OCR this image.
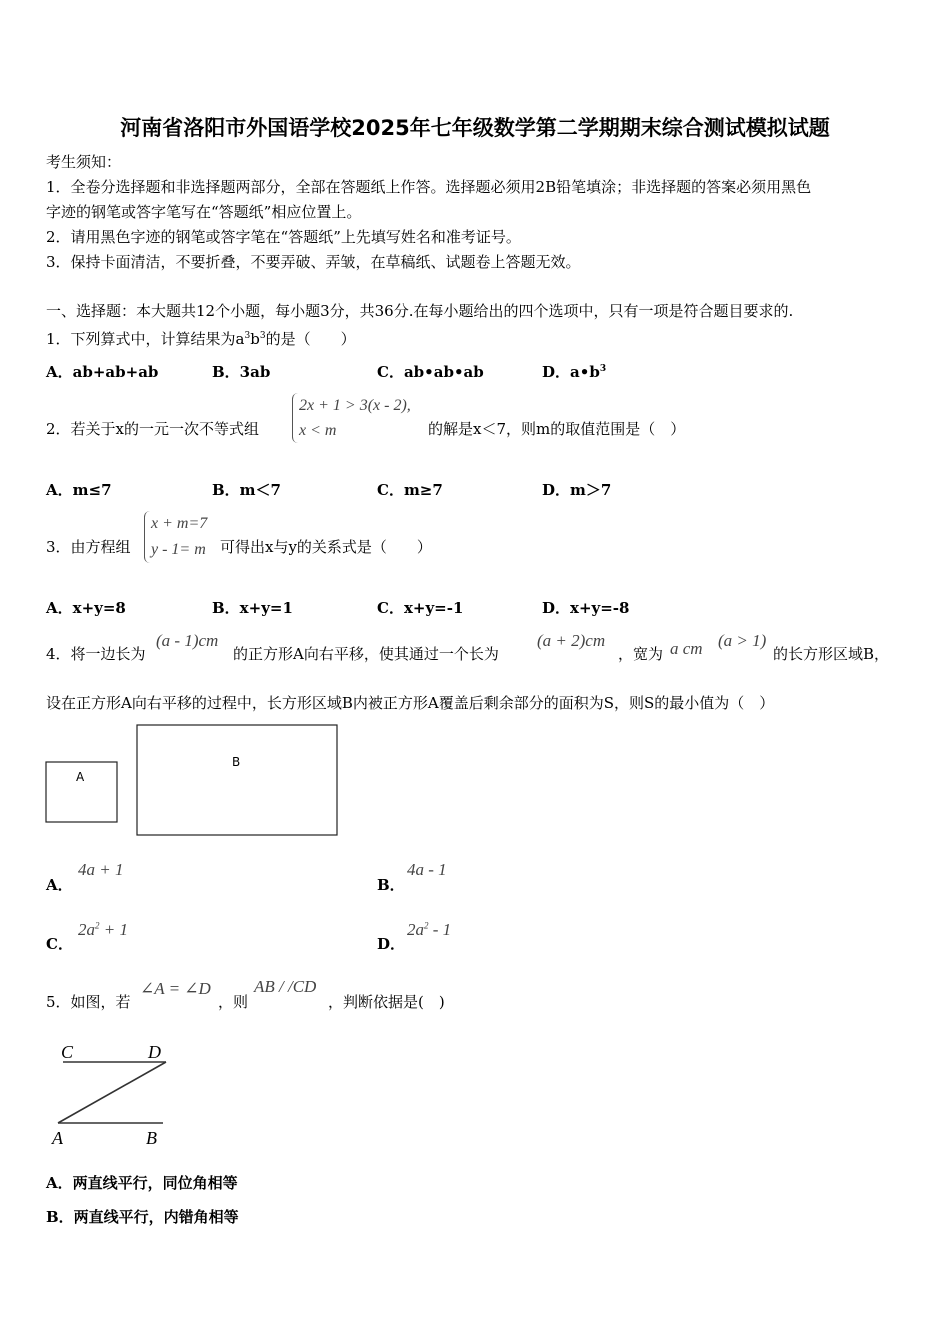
河南省洛阳市外国语学校2025年七年级数学第二学期期末综合测试模拟试题
考生须知：
1．全卷分选择题和非选择题两部分，全部在答题纸上作答。选择题必须用2B铅笔填涂；非选择题的答案必须用黑色
字迹的钢笔或答字笔写在“答题纸”相应位置上。
2．请用黑色字迹的钢笔或答字笔在“答题纸”上先填写姓名和准考证号。
3．保持卡面清洁，不要折叠，不要弄破、弄皱，在草稿纸、试题卷上答题无效。
一、选择题：本大题共12个小题，每小题3分，共36分.在每小题给出的四个选项中，只有一项是符合题目要求的.
1．下列算式中，计算结果为$a^3b^3$的是（　　）
A．ab+ab+ab	B．3ab	C．ab•ab•ab	D．$a•b^3$
2．若关于x的一元一次不等式组
2x + 1 > 3(x - 2),
x < m	的解是x＜7，则m的取值范围是（　）
A．m≤7	B．m＜7	C．m≥7	D．m＞7
3．由方程组
x + m=7
y - 1= m 可得出x与y的关系式是（　　）
A．x+y=8	B．x+y=1	C．x+y=-1	D．x+y=-8
4．将一边长为
(a - 1)cm
的正方形A向右平移，使其通过一个长为
(a + 2)cm
，宽为 a cm (a > 1)
的长方形区域B，
设在正方形A向右平移的过程中，长方形区域B内被正方形A覆盖后剩余部分的面积为S，则S的最小值为（　）
A
B
A．
4a + 1
B．
4a - 1
C．
$2a^2 + 1$
D．
$2a^2 - 1$
5．如图，若
∠A = ∠D
，则
AB / /CD
，判断依据是(　)
C	D
A	B
A．两直线平行，同位角相等
B．两直线平行，内错角相等
